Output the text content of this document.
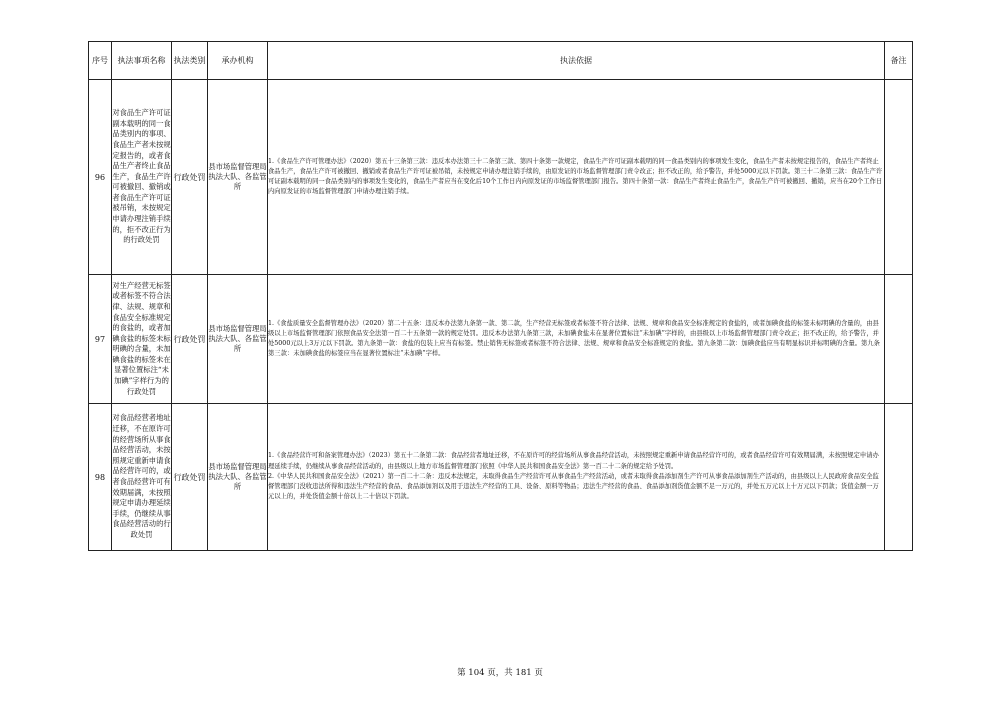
序号	执法事项名称	执法类别	承办机构	执法依据	备注
96	对食品生产许可证副本载明的同一食品类别内的事项、食品生产者未按规定报告的，或者食品生产者终止食品生产，食品生产许可被撤回、撤销或者食品生产许可证被吊销，未按规定申请办理注销手续的，拒不改正行为的行政处罚	行政处罚	县市场监督管理局执法大队、各监管所	1.《食品生产许可管理办法》（2020）第五十三条第三款：违反本办法第三十二条第三款、第四十条第一款规定，食品生产许可证副本载明的同一食品类别内的事项发生变化，食品生产者未按规定报告的，食品生产者终止食品生产，食品生产许可被撤回、撤销或者食品生产许可证被吊销，未按规定申请办理注销手续的，由原发证的市场监督管理部门责令改正；拒不改正的，给予警告，并处5000元以下罚款。第三十二条第三款：食品生产许可证副本载明的同一食品类别内的事项发生变化的，食品生产者应当在变化后10个工作日内向原发证的市场监督管理部门报告。第四十条第一款：食品生产者终止食品生产，食品生产许可被撤回、撤销，应当在20个工作日内向原发证的市场监督管理部门申请办理注销手续。	

97	对生产经营无标签或者标签不符合法律、法规、规章和食品安全标准规定的食盐的，或者加碘食盐的标签未标明碘的含量，未加碘食盐的标签未在显著位置标注“未加碘”字样行为的行政处罚	行政处罚	县市场监督管理局执法大队、各监管所	1.《食盐质量安全监督管理办法》（2020）第二十五条：违反本办法第九条第一款、第二款，生产经营无标签或者标签不符合法律、法规、规章和食品安全标准规定的食盐的，或者加碘食盐的标签未标明碘的含量的，由县级以上市场监督管理部门依照食品安全法第一百二十五条第一款的规定处罚。违反本办法第九条第三款，未加碘食盐未在显著位置标注“未加碘”字样的，由县级以上市场监督管理部门责令改正；拒不改正的，给予警告，并处5000元以上3万元以下罚款。第九条第一款：食盐的包装上应当有标签。禁止销售无标签或者标签不符合法律、法规、规章和食品安全标准规定的食盐。第九条第二款：加碘食盐应当有明显标识并标明碘的含量。第九条第三款：未加碘食盐的标签应当在显著位置标注“未加碘”字样。	

98	对食品经营者地址迁移，不在原许可的经营场所从事食品经营活动，未按照规定重新申请食品经营许可的，或者食品经营许可有效期届满，未按照规定申请办理延续手续，仍继续从事食品经营活动的行政处罚	行政处罚	县市场监督管理局执法大队、各监管所	1.《食品经营许可和备案管理办法》（2023）第五十二条第二款：食品经营者地址迁移，不在原许可的经营场所从事食品经营活动，未按照规定重新申请食品经营许可的，或者食品经营许可有效期届满，未按照规定申请办理延续手续，仍继续从事食品经营活动的，由县级以上地方市场监督管理部门依照《中华人民共和国食品安全法》第一百二十二条的规定给予处罚。

2.《中华人民共和国食品安全法》（2021）第一百二十二条：违反本法规定，未取得食品生产经营许可从事食品生产经营活动，或者未取得食品添加剂生产许可从事食品添加剂生产活动的，由县级以上人民政府食品安全监督管理部门没收违法所得和违法生产经营的食品、食品添加剂以及用于违法生产经营的工具、设备、原料等物品；违法生产经营的食品、食品添加剂货值金额不足一万元的，并处五万元以上十万元以下罚款；货值金额一万元以上的，并处货值金额十倍以上二十倍以下罚款。	

第 104 页，共 181 页
